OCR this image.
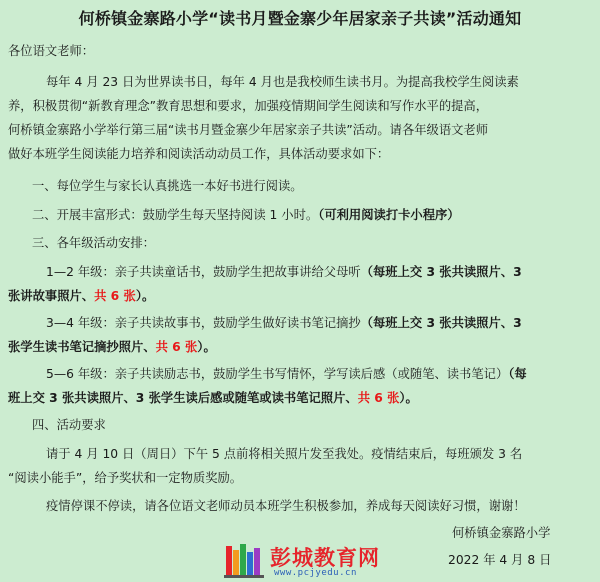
何桥镇金寨路小学“读书月暨金寨少年居家亲子共读”活动通知

各位语文老师：

每年 4 月 23 日为世界读书日，每年 4 月也是我校师生读书月。为提高我校学生阅读素

养，积极贯彻“新教育理念”教育思想和要求，加强疫情期间学生阅读和写作水平的提高，

何桥镇金寨路小学举行第三届“读书月暨金寨少年居家亲子共读”活动。请各年级语文老师

做好本班学生阅读能力培养和阅读活动动员工作，具体活动要求如下：

一、每位学生与家长认真挑选一本好书进行阅读。

二、开展丰富形式：鼓励学生每天坚持阅读 1 小时。（可利用阅读打卡小程序）

三、各年级活动安排：

1—2 年级：亲子共读童话书，鼓励学生把故事讲给父母听（每班上交 3 张共读照片、3

张讲故事照片、共 6 张）。

3—4 年级：亲子共读故事书，鼓励学生做好读书笔记摘抄（每班上交 3 张共读照片、3

张学生读书笔记摘抄照片、共 6 张）。

5—6 年级：亲子共读励志书，鼓励学生书写情怀，学写读后感（或随笔、读书笔记）（每

班上交 3 张共读照片、3 张学生读后感或随笔或读书笔记照片、共 6 张）。

四、活动要求

请于 4 月 10 日（周日）下午 5 点前将相关照片发至我处。疫情结束后，每班颁发 3 名

“阅读小能手”，给予奖状和一定物质奖励。

疫情停课不停读，请各位语文老师动员本班学生积极参加，养成每天阅读好习惯，谢谢！

何桥镇金寨路小学
2022 年 4 月 8 日
彭城教育网
www.pcjyedu.cn
